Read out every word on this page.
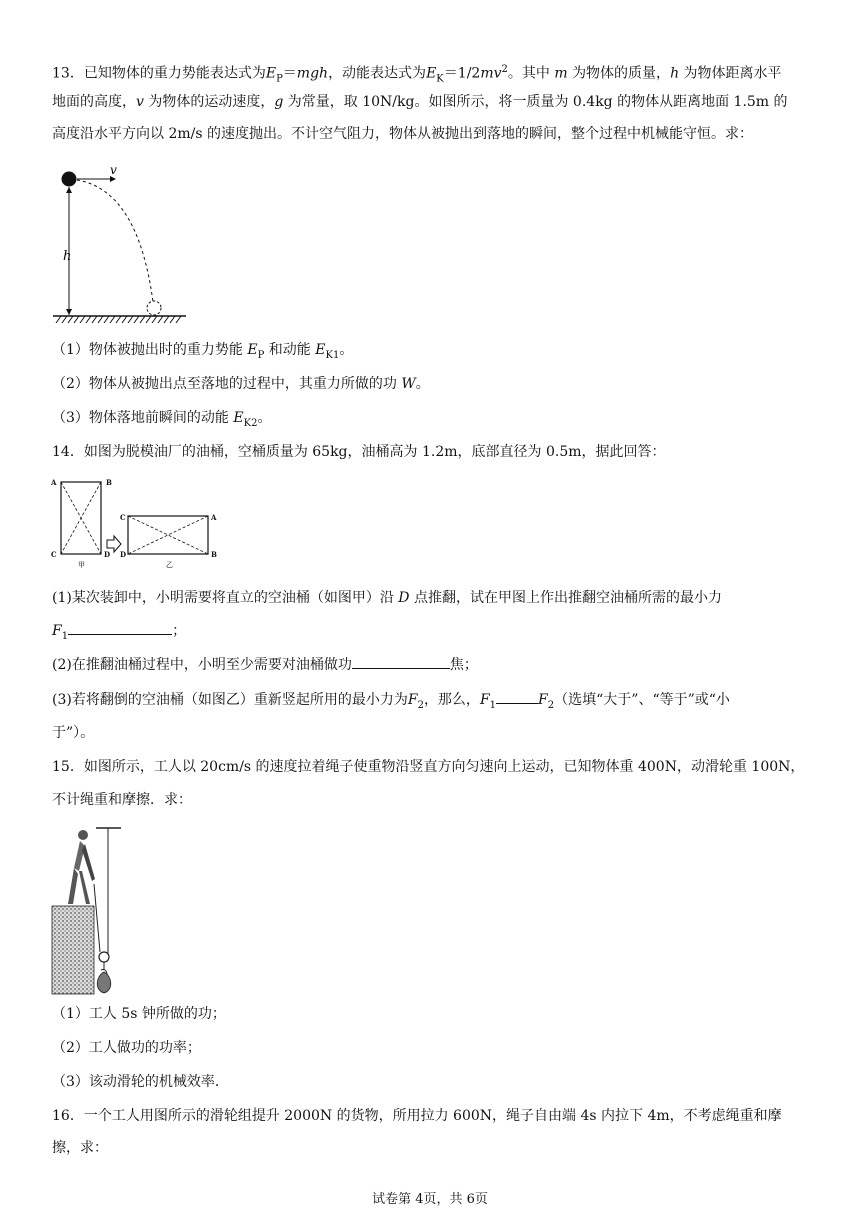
13．已知物体的重力势能表达式为$E_P=mgh$，动能表达式为$E_K=1/2mv^2$。其中 m 为物体的质量，h 为物体距离水平
地面的高度，v 为物体的运动速度，g 为常量，取 10N/kg。如图所示，将一质量为 0.4kg 的物体从距离地面 1.5m 的
高度沿水平方向以 2m/s 的速度抛出。不计空气阻力，物体从被抛出到落地的瞬间，整个过程中机械能守恒。求：
v
h
（1）物体被抛出时的重力势能 $E_P$ 和动能 $E_{K1}$。
（2）物体从被抛出点至落地的过程中，其重力所做的功 W。
（3）物体落地前瞬间的动能 $E_{K2}$。
14．如图为脱模油厂的油桶，空桶质量为 65kg，油桶高为 1.2m，底部直径为 0.5m，据此回答：
A	B
C	D
C	A
D	B
甲	乙
(1)某次装卸中，小明需要将直立的空油桶（如图甲）沿 D 点推翻，试在甲图上作出推翻空油桶所需的最小力
$F_1$	；
(2)在推翻油桶过程中，小明至少需要对油桶做功	焦；
(3)若将翻倒的空油桶（如图乙）重新竖起所用的最小力为$F_2$，那么，$F_1$	$F_2$（选填“大于”、“等于”或“小
于”）。
15．如图所示，工人以 20cm/s 的速度拉着绳子使重物沿竖直方向匀速向上运动，已知物体重 400N，动滑轮重 100N，
不计绳重和摩擦．求：
（1）工人 5s 钟所做的功；
（2）工人做功的功率；
（3）该动滑轮的机械效率．
16．一个工人用图所示的滑轮组提升 2000N 的货物，所用拉力 600N，绳子自由端 4s 内拉下 4m，不考虑绳重和摩
擦，求：
试卷第 4页，共 6页
